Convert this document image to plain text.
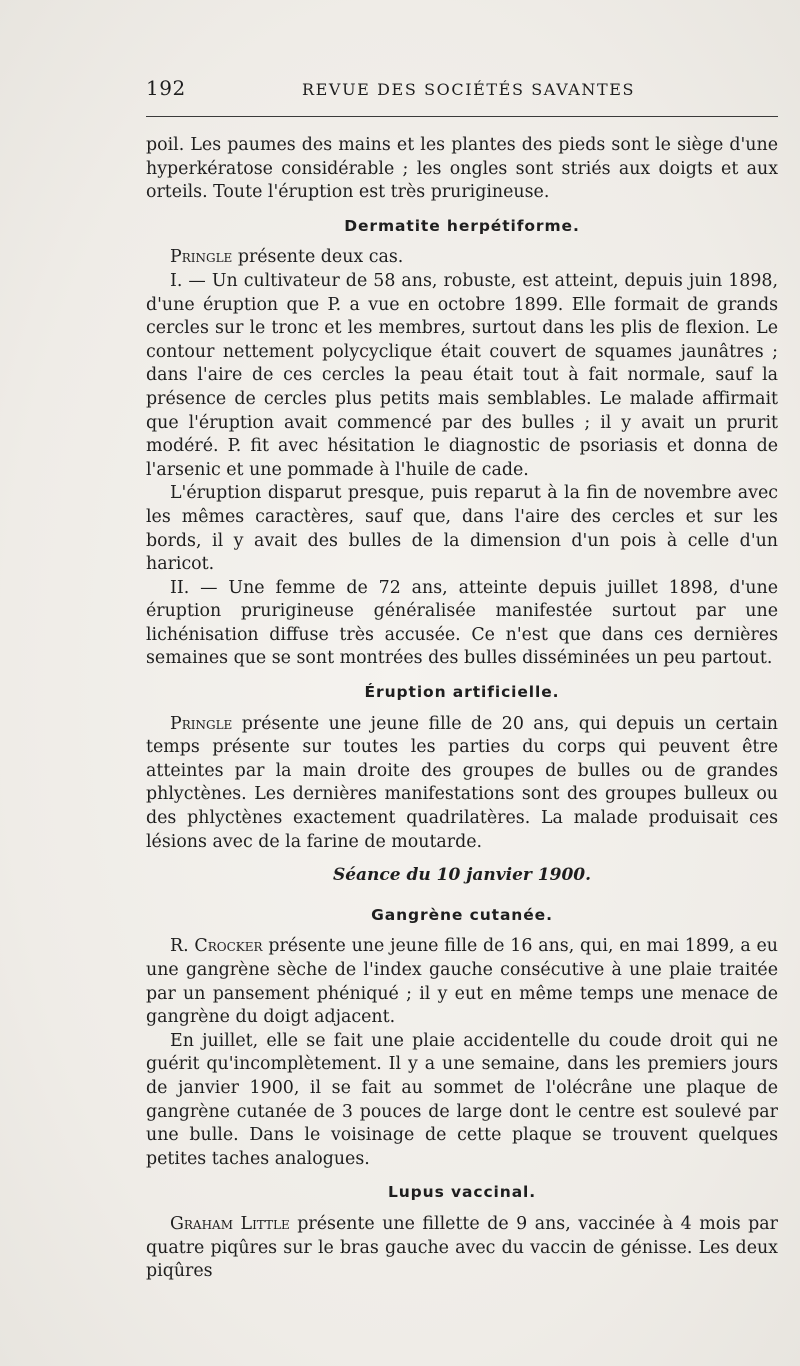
192	REVUE DES SOCIÉTÉS SAVANTES

poil. Les paumes des mains et les plantes des pieds sont le siège d'une hyperkératose considérable ; les ongles sont striés aux doigts et aux orteils. Toute l'éruption est très prurigineuse.

Dermatite herpétiforme.

Pringle présente deux cas.

I. — Un cultivateur de 58 ans, robuste, est atteint, depuis juin 1898, d'une éruption que P. a vue en octobre 1899. Elle formait de grands cercles sur le tronc et les membres, surtout dans les plis de flexion. Le contour nettement polycyclique était couvert de squames jaunâtres ; dans l'aire de ces cercles la peau était tout à fait normale, sauf la présence de cercles plus petits mais semblables. Le malade affirmait que l'éruption avait commencé par des bulles ; il y avait un prurit modéré. P. fit avec hésitation le diagnostic de psoriasis et donna de l'arsenic et une pommade à l'huile de cade.

L'éruption disparut presque, puis reparut à la fin de novembre avec les mêmes caractères, sauf que, dans l'aire des cercles et sur les bords, il y avait des bulles de la dimension d'un pois à celle d'un haricot.

II. — Une femme de 72 ans, atteinte depuis juillet 1898, d'une éruption prurigineuse généralisée manifestée surtout par une lichénisation diffuse très accusée. Ce n'est que dans ces dernières semaines que se sont montrées des bulles disséminées un peu partout.

Éruption artificielle.

Pringle présente une jeune fille de 20 ans, qui depuis un certain temps présente sur toutes les parties du corps qui peuvent être atteintes par la main droite des groupes de bulles ou de grandes phlyctènes. Les dernières manifestations sont des groupes bulleux ou des phlyctènes exactement quadrilatères. La malade produisait ces lésions avec de la farine de moutarde.

Séance du 10 janvier 1900.
Gangrène cutanée.

R. Crocker présente une jeune fille de 16 ans, qui, en mai 1899, a eu une gangrène sèche de l'index gauche consécutive à une plaie traitée par un pansement phéniqué ; il y eut en même temps une menace de gangrène du doigt adjacent.

En juillet, elle se fait une plaie accidentelle du coude droit qui ne guérit qu'incomplètement. Il y a une semaine, dans les premiers jours de janvier 1900, il se fait au sommet de l'olécrâne une plaque de gangrène cutanée de 3 pouces de large dont le centre est soulevé par une bulle. Dans le voisinage de cette plaque se trouvent quelques petites taches analogues.

Lupus vaccinal.

Graham Little présente une fillette de 9 ans, vaccinée à 4 mois par quatre piqûres sur le bras gauche avec du vaccin de génisse. Les deux piqûres
